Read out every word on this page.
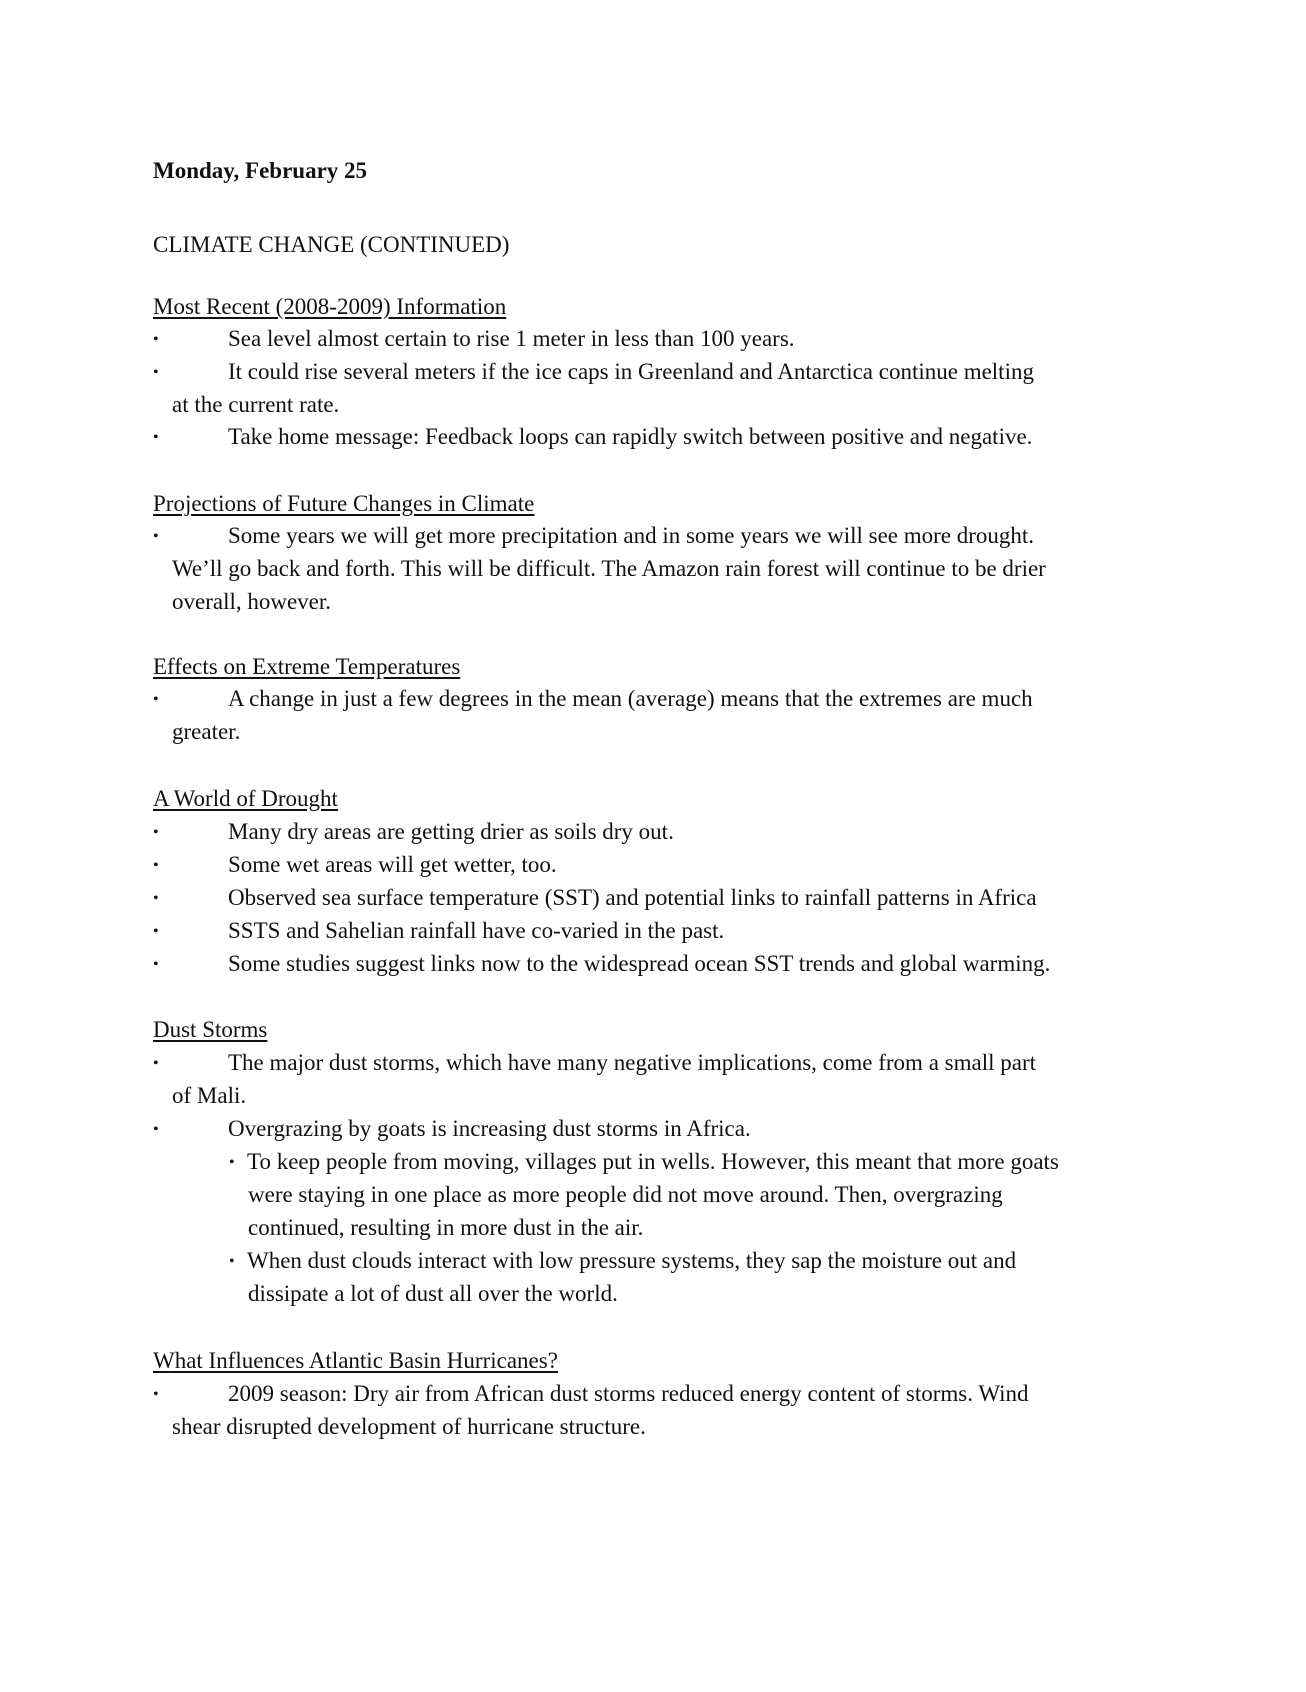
Monday, February 25
CLIMATE CHANGE (CONTINUED)
Most Recent (2008-2009) Information
•	Sea level almost certain to rise 1 meter in less than 100 years.
•	It could rise several meters if the ice caps in Greenland and Antarctica continue melting
at the current rate.
•	Take home message: Feedback loops can rapidly switch between positive and negative.
Projections of Future Changes in Climate
•	Some years we will get more precipitation and in some years we will see more drought.
We’ll go back and forth. This will be difficult. The Amazon rain forest will continue to be drier
overall, however.
Effects on Extreme Temperatures
•	A change in just a few degrees in the mean (average) means that the extremes are much
greater.
A World of Drought
•	Many dry areas are getting drier as soils dry out.
•	Some wet areas will get wetter, too.
•	Observed sea surface temperature (SST) and potential links to rainfall patterns in Africa
•	SSTS and Sahelian rainfall have co-varied in the past.
•	Some studies suggest links now to the widespread ocean SST trends and global warming.
Dust Storms
•	The major dust storms, which have many negative implications, come from a small part
of Mali.
•	Overgrazing by goats is increasing dust storms in Africa.
• To keep people from moving, villages put in wells. However, this meant that more goats
were staying in one place as more people did not move around. Then, overgrazing
continued, resulting in more dust in the air.
• When dust clouds interact with low pressure systems, they sap the moisture out and
dissipate a lot of dust all over the world.
What Influences Atlantic Basin Hurricanes?
•	2009 season: Dry air from African dust storms reduced energy content of storms. Wind
shear disrupted development of hurricane structure.
